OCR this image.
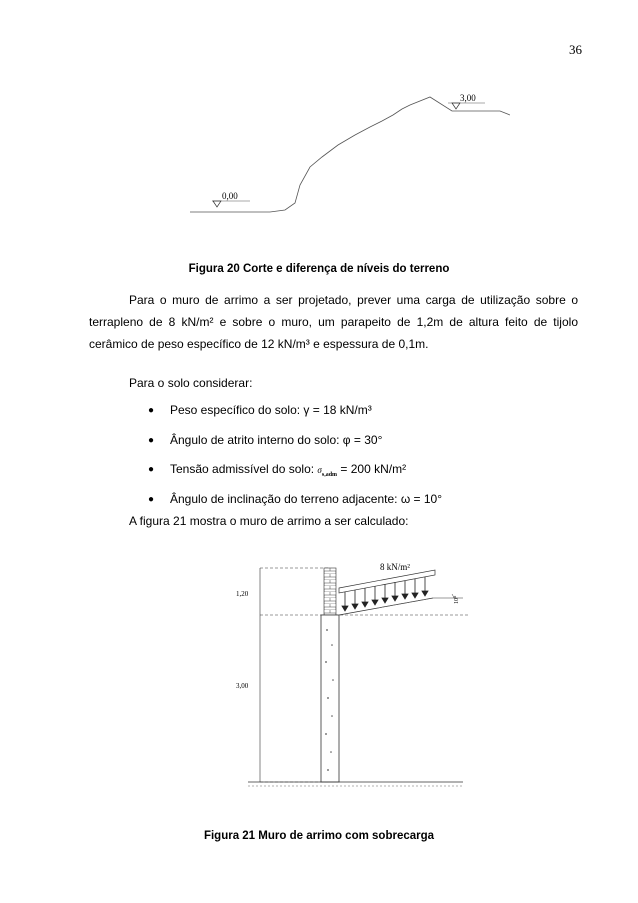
36
3,00
0,00
Figura 20 Corte e diferença de níveis do terreno
Para o muro de arrimo a ser projetado, prever uma carga de utilização sobre o terrapleno de 8 kN/m² e sobre o muro, um parapeito de 1,2m de altura feito de tijolo cerâmico de peso específico de 12 kN/m³ e espessura de 0,1m.
Para o solo considerar:
● Peso específico do solo: γ = 18 kN/m³
● Ângulo de atrito interno do solo: φ = 30°
● Tensão admissível do solo: $\sigma_{s,adm} = 200$ kN/m²
● Ângulo de inclinação do terreno adjacente: ω = 10°
A figura 21 mostra o muro de arrimo a ser calculado:
1,20
3,00
8 kN/m²
10°
Figura 21 Muro de arrimo com sobrecarga
